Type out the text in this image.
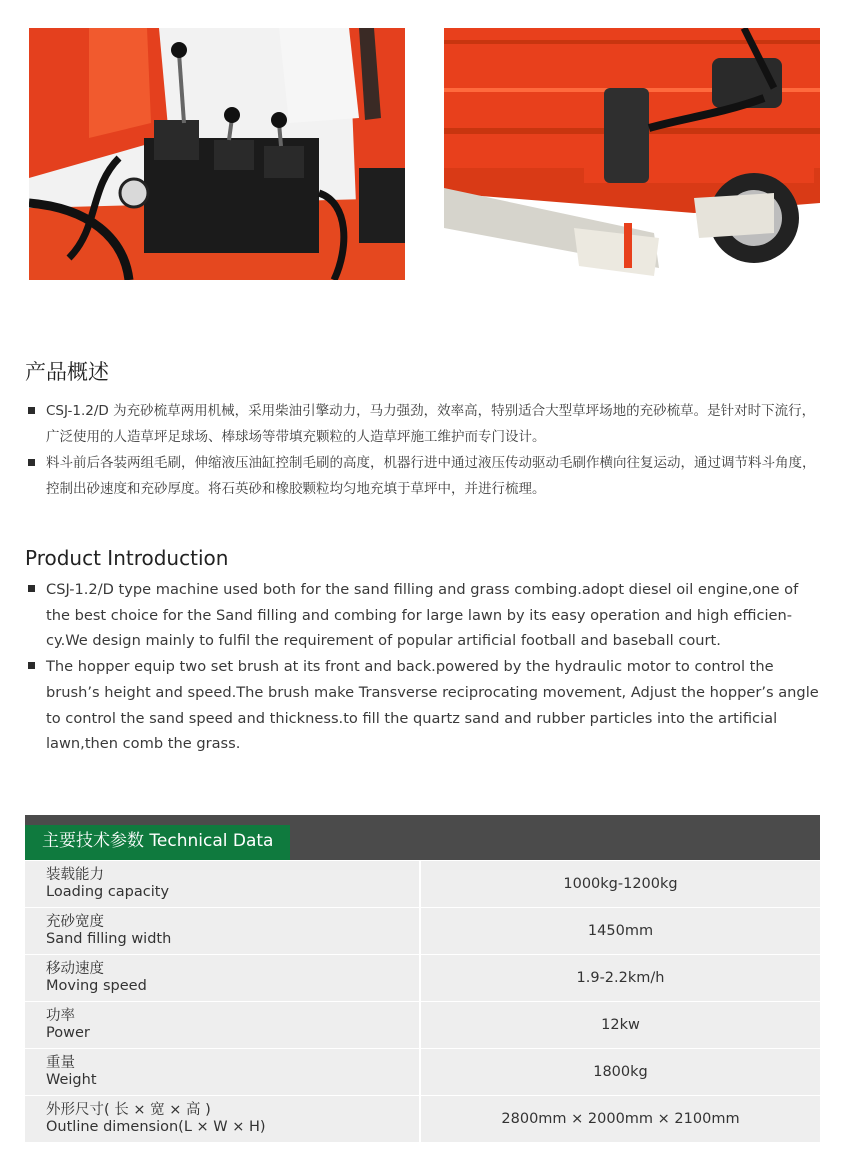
产品概述
CSJ-1.2/D 为充砂梳草两用机械，采用柴油引擎动力，马力强劲，效率高，特别适合大型草坪场地的充砂梳草。是针对时下流行，广泛使用的人造草坪足球场、棒球场等带填充颗粒的人造草坪施工维护而专门设计。
料斗前后各装两组毛刷，伸缩液压油缸控制毛刷的高度，机器行进中通过液压传动驱动毛刷作横向往复运动，通过调节料斗角度，控制出砂速度和充砂厚度。将石英砂和橡胶颗粒均匀地充填于草坪中，并进行梳理。
Product Introduction
CSJ-1.2/D type machine used both for the sand filling and grass combing.adopt diesel oil engine,one of the best choice for the Sand filling and combing for large lawn by its easy operation and high efficien-cy.We design mainly to fulfil the requirement of popular artificial football and baseball court.
The hopper equip two set brush at its front and back.powered by the hydraulic motor to control the brush’s height and speed.The brush make Transverse reciprocating movement, Adjust the hopper’s angle to control the sand speed and thickness.to fill the quartz sand and rubber particles into the artificial lawn,then comb the grass.
主要技术参数 Technical Data
装载能力
Loading capacity	1000kg-1200kg

充砂宽度
Sand filling width	1450mm

移动速度
Moving speed	1.9-2.2km/h

功率
Power	12kw

重量
Weight	1800kg

外形尺寸( 长 × 宽 × 高 )
Outline dimension(L × W × H)	2800mm × 2000mm × 2100mm
